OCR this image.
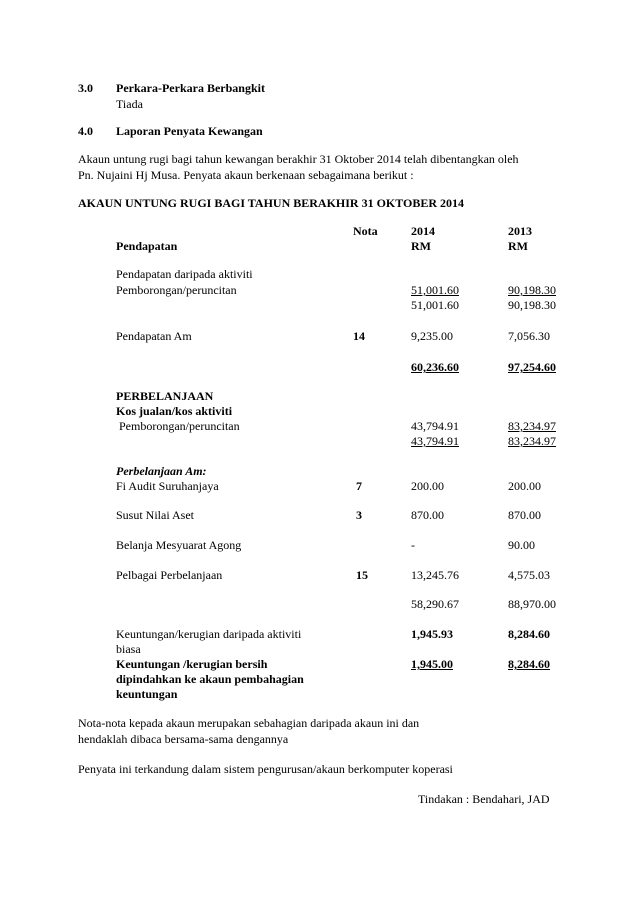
3.0 Perkara-Perkara Berbangkit
Tiada
4.0 Laporan Penyata Kewangan
Akaun untung rugi bagi tahun kewangan berakhir 31 Oktober 2014 telah dibentangkan oleh
Pn. Nujaini Hj Musa. Penyata akaun berkenaan sebagaimana berikut :
AKAUN UNTUNG RUGI BAGI TAHUN BERAKHIR 31 OKTOBER 2014
Nota	2014	2013
Pendapatan	RM	RM
Pendapatan daripada aktiviti
Pemborongan/peruncitan	51,001.60	90,198.30
51,001.60	90,198.30
Pendapatan Am	14	9,235.00	7,056.30
60,236.60	97,254.60
PERBELANJAAN
Kos jualan/kos aktiviti
Pemborongan/peruncitan	43,794.91	83,234.97
43,794.91	83,234.97
Perbelanjaan Am:
Fi Audit Suruhanjaya	7	200.00	200.00
Susut Nilai Aset	3	870.00	870.00
Belanja Mesyuarat Agong	-	90.00
Pelbagai Perbelanjaan	15	13,245.76	4,575.03
58,290.67	88,970.00
Keuntungan/kerugian daripada aktiviti
biasa
1,945.93	8,284.60
Keuntungan /kerugian bersih
dipindahkan ke akaun pembahagian
keuntungan
1,945.00	8,284.60
Nota-nota kepada akaun merupakan sebahagian daripada akaun ini dan
hendaklah dibaca bersama-sama dengannya
Penyata ini terkandung dalam sistem pengurusan/akaun berkomputer koperasi
Tindakan : Bendahari, JAD
